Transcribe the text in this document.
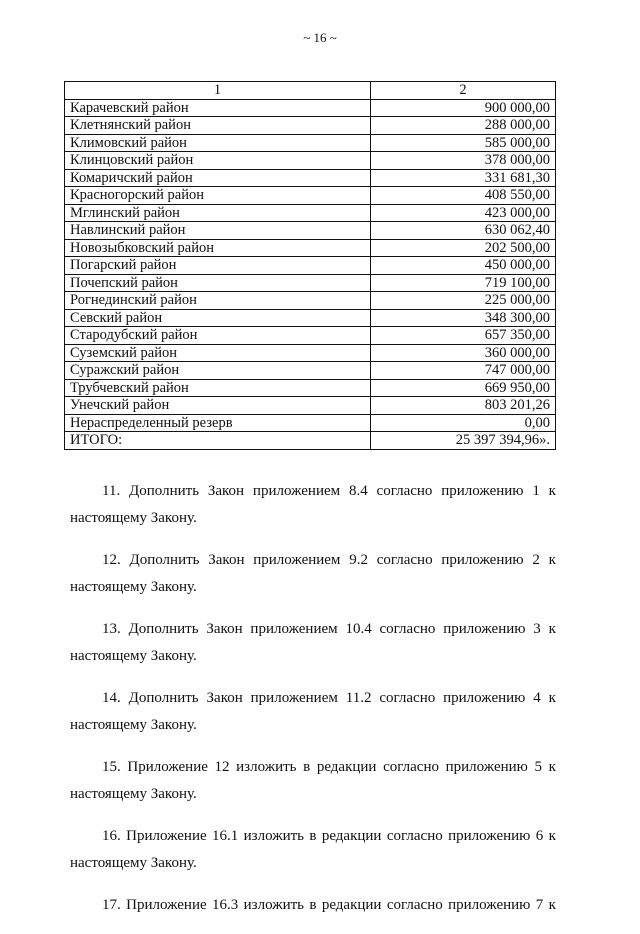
~ 16 ~
1	2
Карачевский район	900 000,00
Клетнянский район	288 000,00
Климовский район	585 000,00
Клинцовский район	378 000,00
Комаричский район	331 681,30
Красногорский район	408 550,00
Мглинский район	423 000,00
Навлинский район	630 062,40
Новозыбковский район	202 500,00
Погарский район	450 000,00
Почепский район	719 100,00
Рогнединский район	225 000,00
Севский район	348 300,00
Стародубский район	657 350,00
Суземский район	360 000,00
Суражский район	747 000,00
Трубчевский район	669 950,00
Унечский район	803 201,26
Нераспределенный резерв	0,00
ИТОГО:	25 397 394,96».
11. Дополнить Закон приложением 8.4 согласно приложению 1 к
настоящему Закону.
12. Дополнить Закон приложением 9.2 согласно приложению 2 к
настоящему Закону.
13. Дополнить Закон приложением 10.4 согласно приложению 3 к
настоящему Закону.
14. Дополнить Закон приложением 11.2 согласно приложению 4 к
настоящему Закону.
15. Приложение 12 изложить в редакции согласно приложению 5 к
настоящему Закону.
16. Приложение 16.1 изложить в редакции согласно приложению 6 к
настоящему Закону.
17. Приложение 16.3 изложить в редакции согласно приложению 7 к
